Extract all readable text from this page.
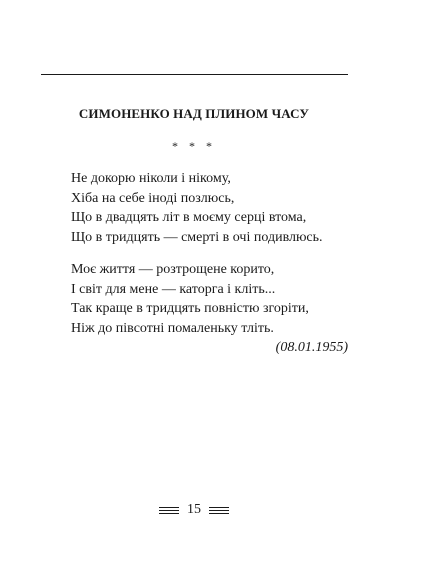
СИМОНЕНКО НАД ПЛИНОМ ЧАСУ
* * *
Не докорю ніколи і нікому,
Хіба на себе іноді позлюсь,
Що в двадцять літ в моєму серці втома,
Що в тридцять — смерті в очі подивлюсь.
Моє життя — розтрощене корито,
І світ для мене — каторга і кліть...
Так краще в тридцять повністю згоріти,
Ніж до півсотні помаленьку тліть.
(08.01.1955)
15
